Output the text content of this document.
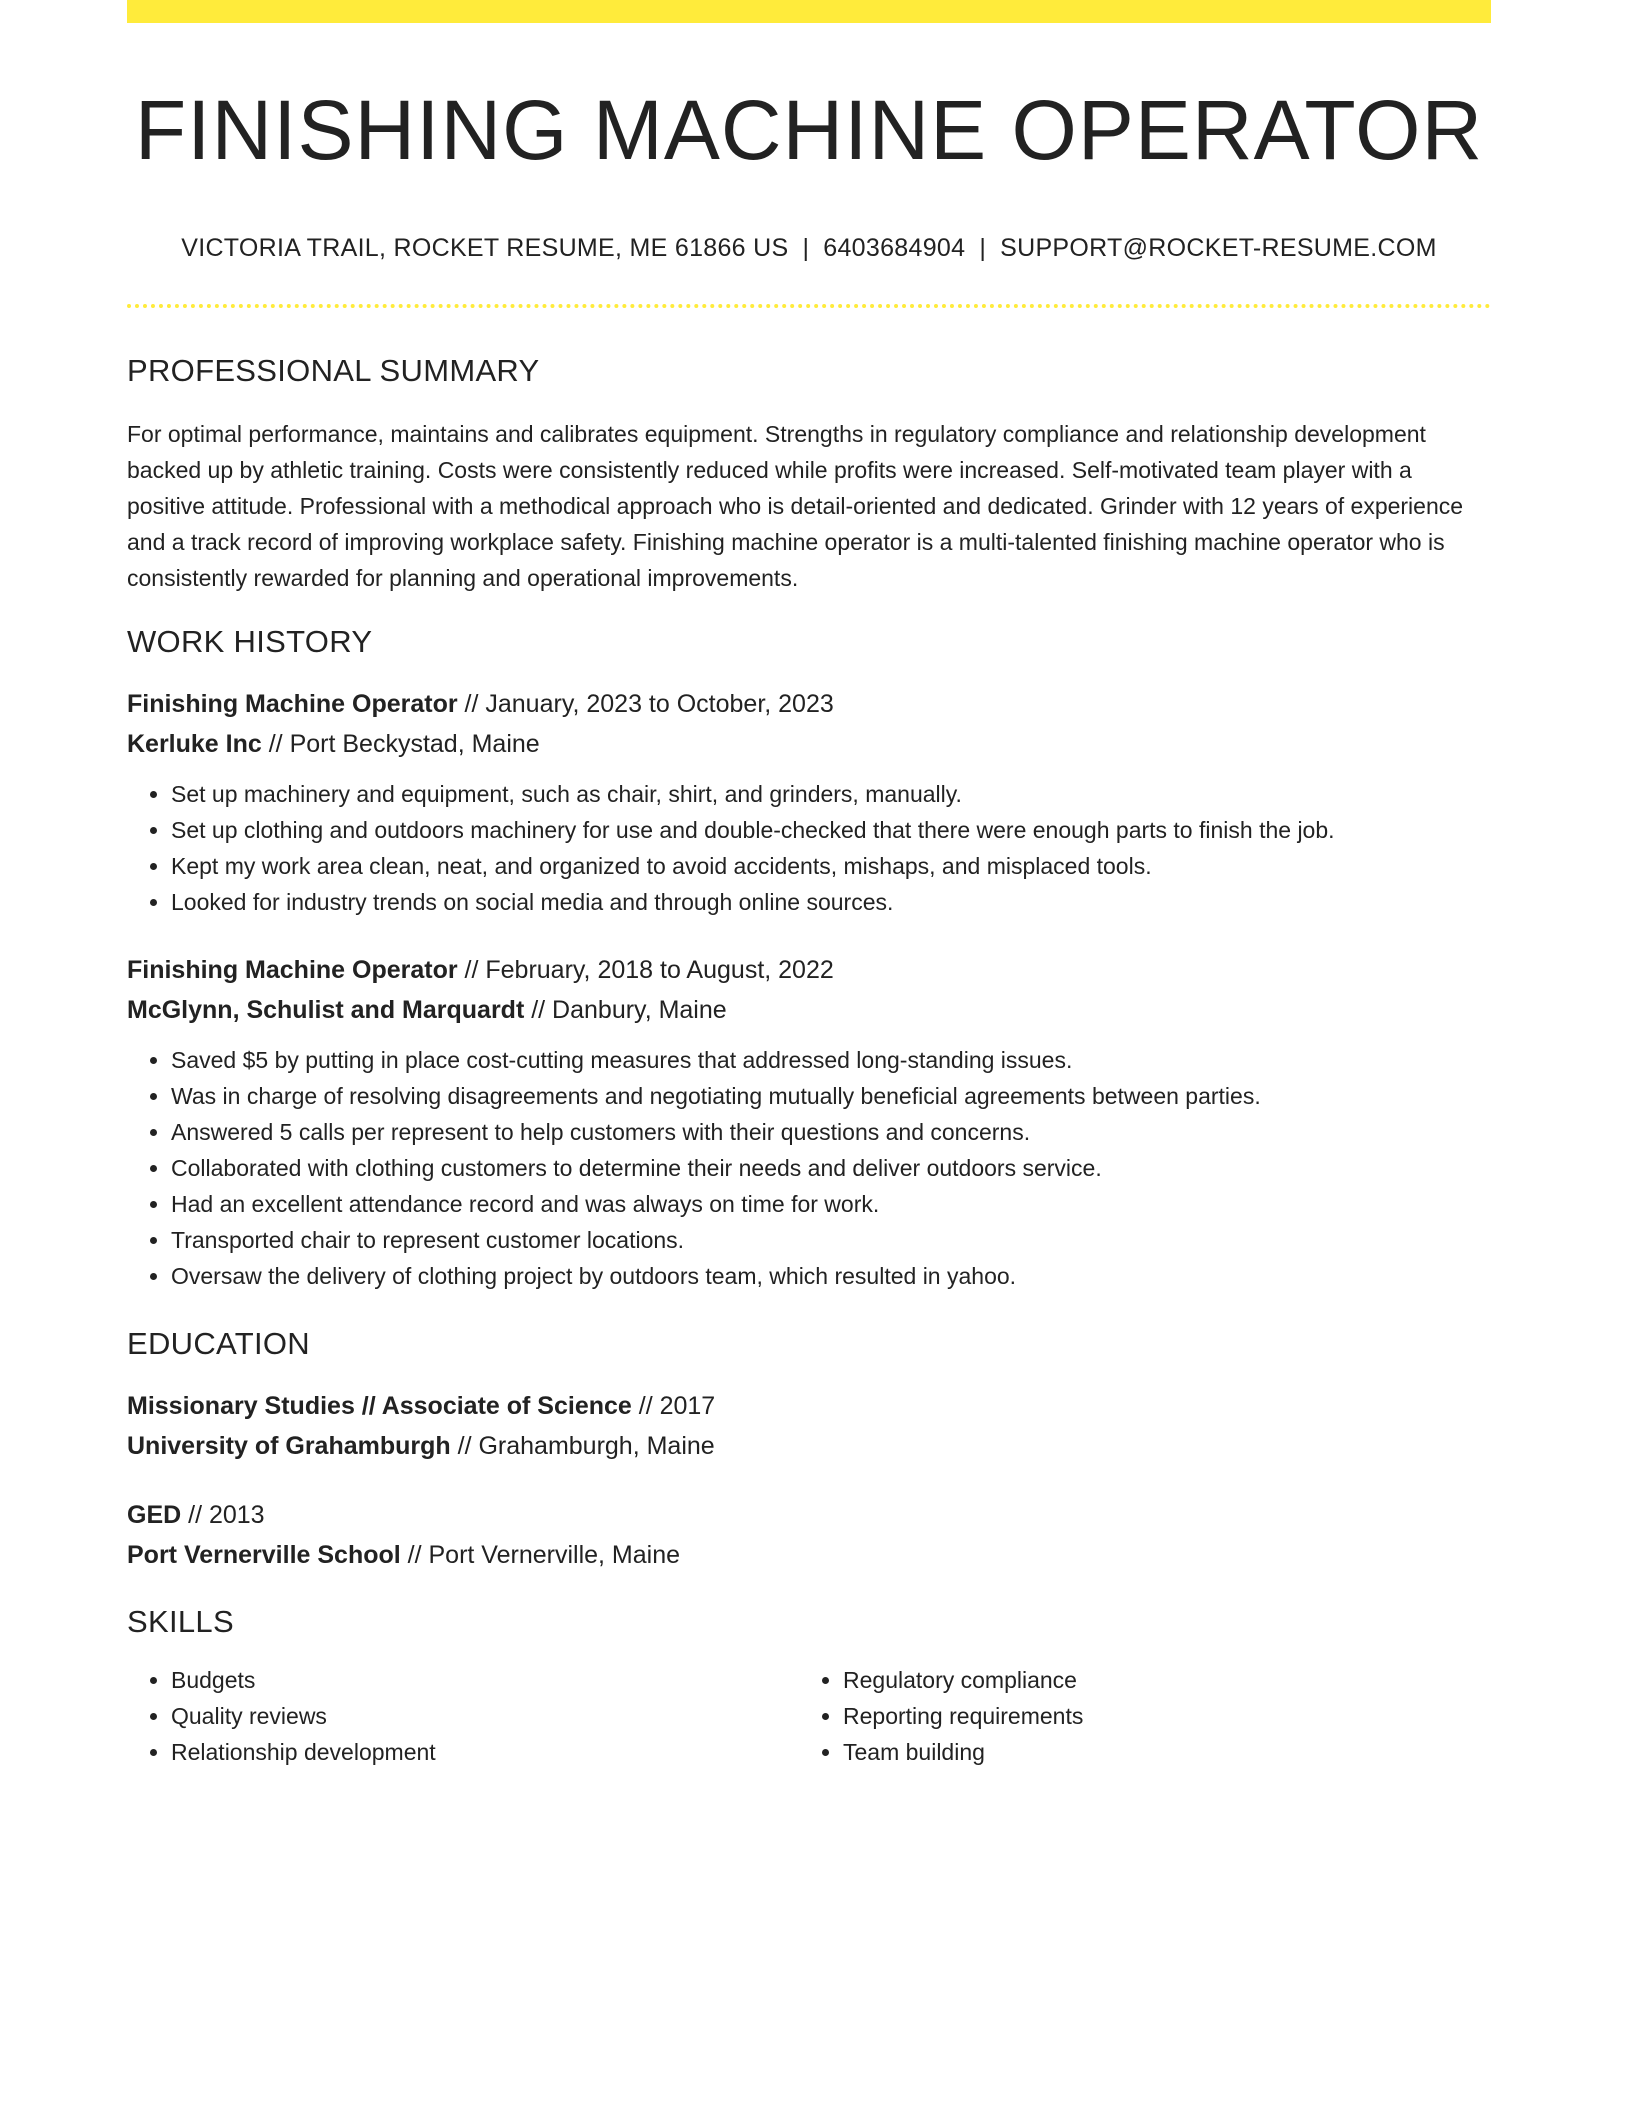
FINISHING MACHINE OPERATOR
VICTORIA TRAIL, ROCKET RESUME, ME 61866 US | 6403684904 | SUPPORT@ROCKET-RESUME.COM
PROFESSIONAL SUMMARY

For optimal performance, maintains and calibrates equipment. Strengths in regulatory compliance and relationship development backed up by athletic training. Costs were consistently reduced while profits were increased. Self-motivated team player with a positive attitude. Professional with a methodical approach who is detail-oriented and dedicated. Grinder with 12 years of experience and a track record of improving workplace safety. Finishing machine operator is a multi-talented finishing machine operator who is consistently rewarded for planning and operational improvements.

WORK HISTORY
Finishing Machine Operator // January, 2023 to October, 2023
Kerluke Inc // Port Beckystad, Maine
• Set up machinery and equipment, such as chair, shirt, and grinders, manually.
• Set up clothing and outdoors machinery for use and double-checked that there were enough parts to finish the job.
• Kept my work area clean, neat, and organized to avoid accidents, mishaps, and misplaced tools.
• Looked for industry trends on social media and through online sources.
Finishing Machine Operator // February, 2018 to August, 2022
McGlynn, Schulist and Marquardt // Danbury, Maine
• Saved $5 by putting in place cost-cutting measures that addressed long-standing issues.
• Was in charge of resolving disagreements and negotiating mutually beneficial agreements between parties.
• Answered 5 calls per represent to help customers with their questions and concerns.
• Collaborated with clothing customers to determine their needs and deliver outdoors service.
• Had an excellent attendance record and was always on time for work.
• Transported chair to represent customer locations.
• Oversaw the delivery of clothing project by outdoors team, which resulted in yahoo.
EDUCATION
Missionary Studies // Associate of Science // 2017
University of Grahamburgh // Grahamburgh, Maine
GED // 2013
Port Vernerville School // Port Vernerville, Maine
SKILLS
• Budgets
• Quality reviews
• Relationship development
• Regulatory compliance
• Reporting requirements
• Team building
